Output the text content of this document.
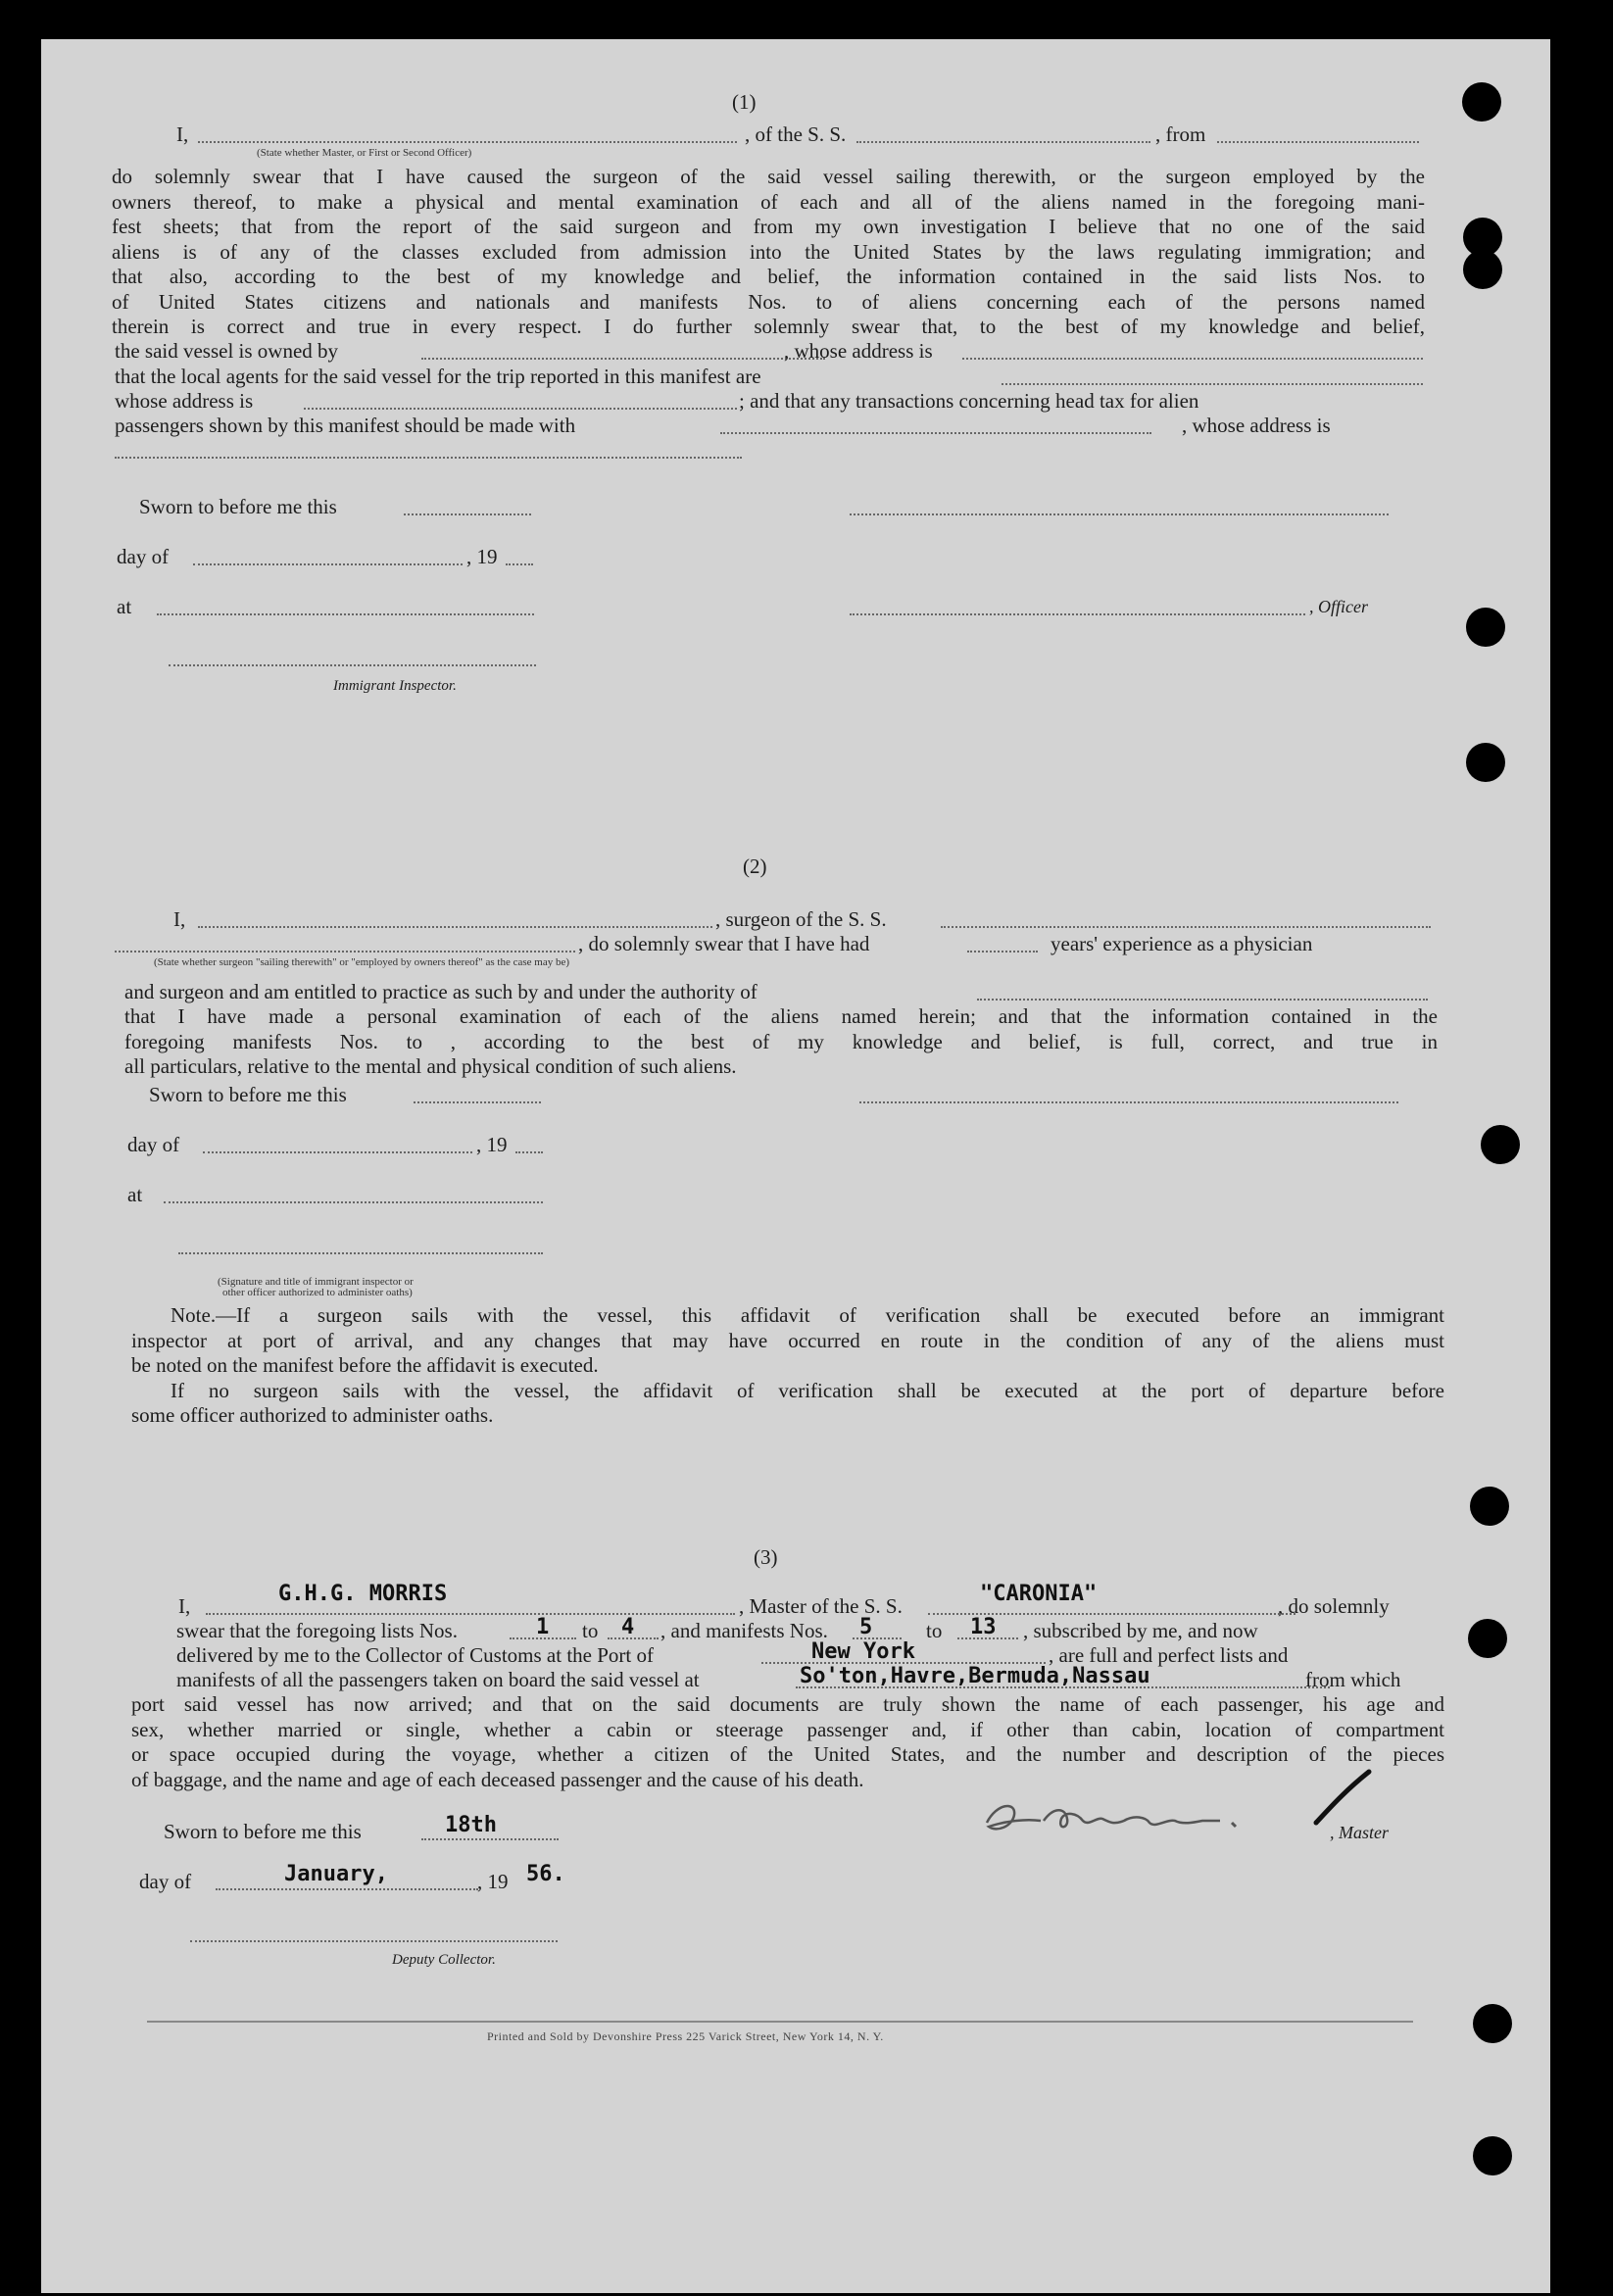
(1)
I,	, of the S. S.	, from
(State whether Master, or First or Second Officer)
do solemnly swear that I have caused the surgeon of the said vessel sailing therewith, or the surgeon employed by the
owners thereof, to make a physical and mental examination of each and all of the aliens named in the foregoing mani-
fest sheets; that from the report of the said surgeon and from my own investigation I believe that no one of the said
aliens is of any of the classes excluded from admission into the United States by the laws regulating immigration; and
that also, according to the best of my knowledge and belief, the information contained in the said lists Nos. to
of United States citizens and nationals and manifests Nos. to of aliens concerning each of the persons named
therein is correct and true in every respect. I do further solemnly swear that, to the best of my knowledge and belief,
the said vessel is owned by	, whose address is
that the local agents for the said vessel for the trip reported in this manifest are
whose address is	; and that any transactions concerning head tax for alien
passengers shown by this manifest should be made with	, whose address is
Sworn to before me this
day of	, 19
at	, Officer
Immigrant Inspector.
(2)
I,	, surgeon of the S. S.
, do solemnly swear that I have had	years' experience as a physician
(State whether surgeon "sailing therewith" or "employed by owners thereof" as the case may be)
and surgeon and am entitled to practice as such by and under the authority of
that I have made a personal examination of each of the aliens named herein; and that the information contained in the
foregoing manifests Nos. to , according to the best of my knowledge and belief, is full, correct, and true in
all particulars, relative to the mental and physical condition of such aliens.
Sworn to before me this
day of	, 19
at
(Signature and title of immigrant inspector or
other officer authorized to administer oaths)
Note.—If a surgeon sails with the vessel, this affidavit of verification shall be executed before an immigrant
inspector at port of arrival, and any changes that may have occurred en route in the condition of any of the aliens must
be noted on the manifest before the affidavit is executed.
If no surgeon sails with the vessel, the affidavit of verification shall be executed at the port of departure before
some officer authorized to administer oaths.
(3)
I,	G.H.G. MORRIS	, Master of the S. S.	"CARONIA"	, do solemnly
swear that the foregoing lists Nos.	1 to 4 , and manifests Nos. 5	to 13 , subscribed by me, and now
delivered by me to the Collector of Customs at the Port of	New York	, are full and perfect lists and
manifests of all the passengers taken on board the said vessel at	So'ton,Havre,Bermuda,Nassau	from which
port said vessel has now arrived; and that on the said documents are truly shown the name of each passenger, his age and
sex, whether married or single, whether a cabin or steerage passenger and, if other than cabin, location of compartment
or space occupied during the voyage, whether a citizen of the United States, and the number and description of the pieces
of baggage, and the name and age of each deceased passenger and the cause of his death.
Sworn to before me this	18th	, Master
day of	January,	, 19 56.
Deputy Collector.
Printed and Sold by Devonshire Press 225 Varick Street, New York 14, N. Y.
